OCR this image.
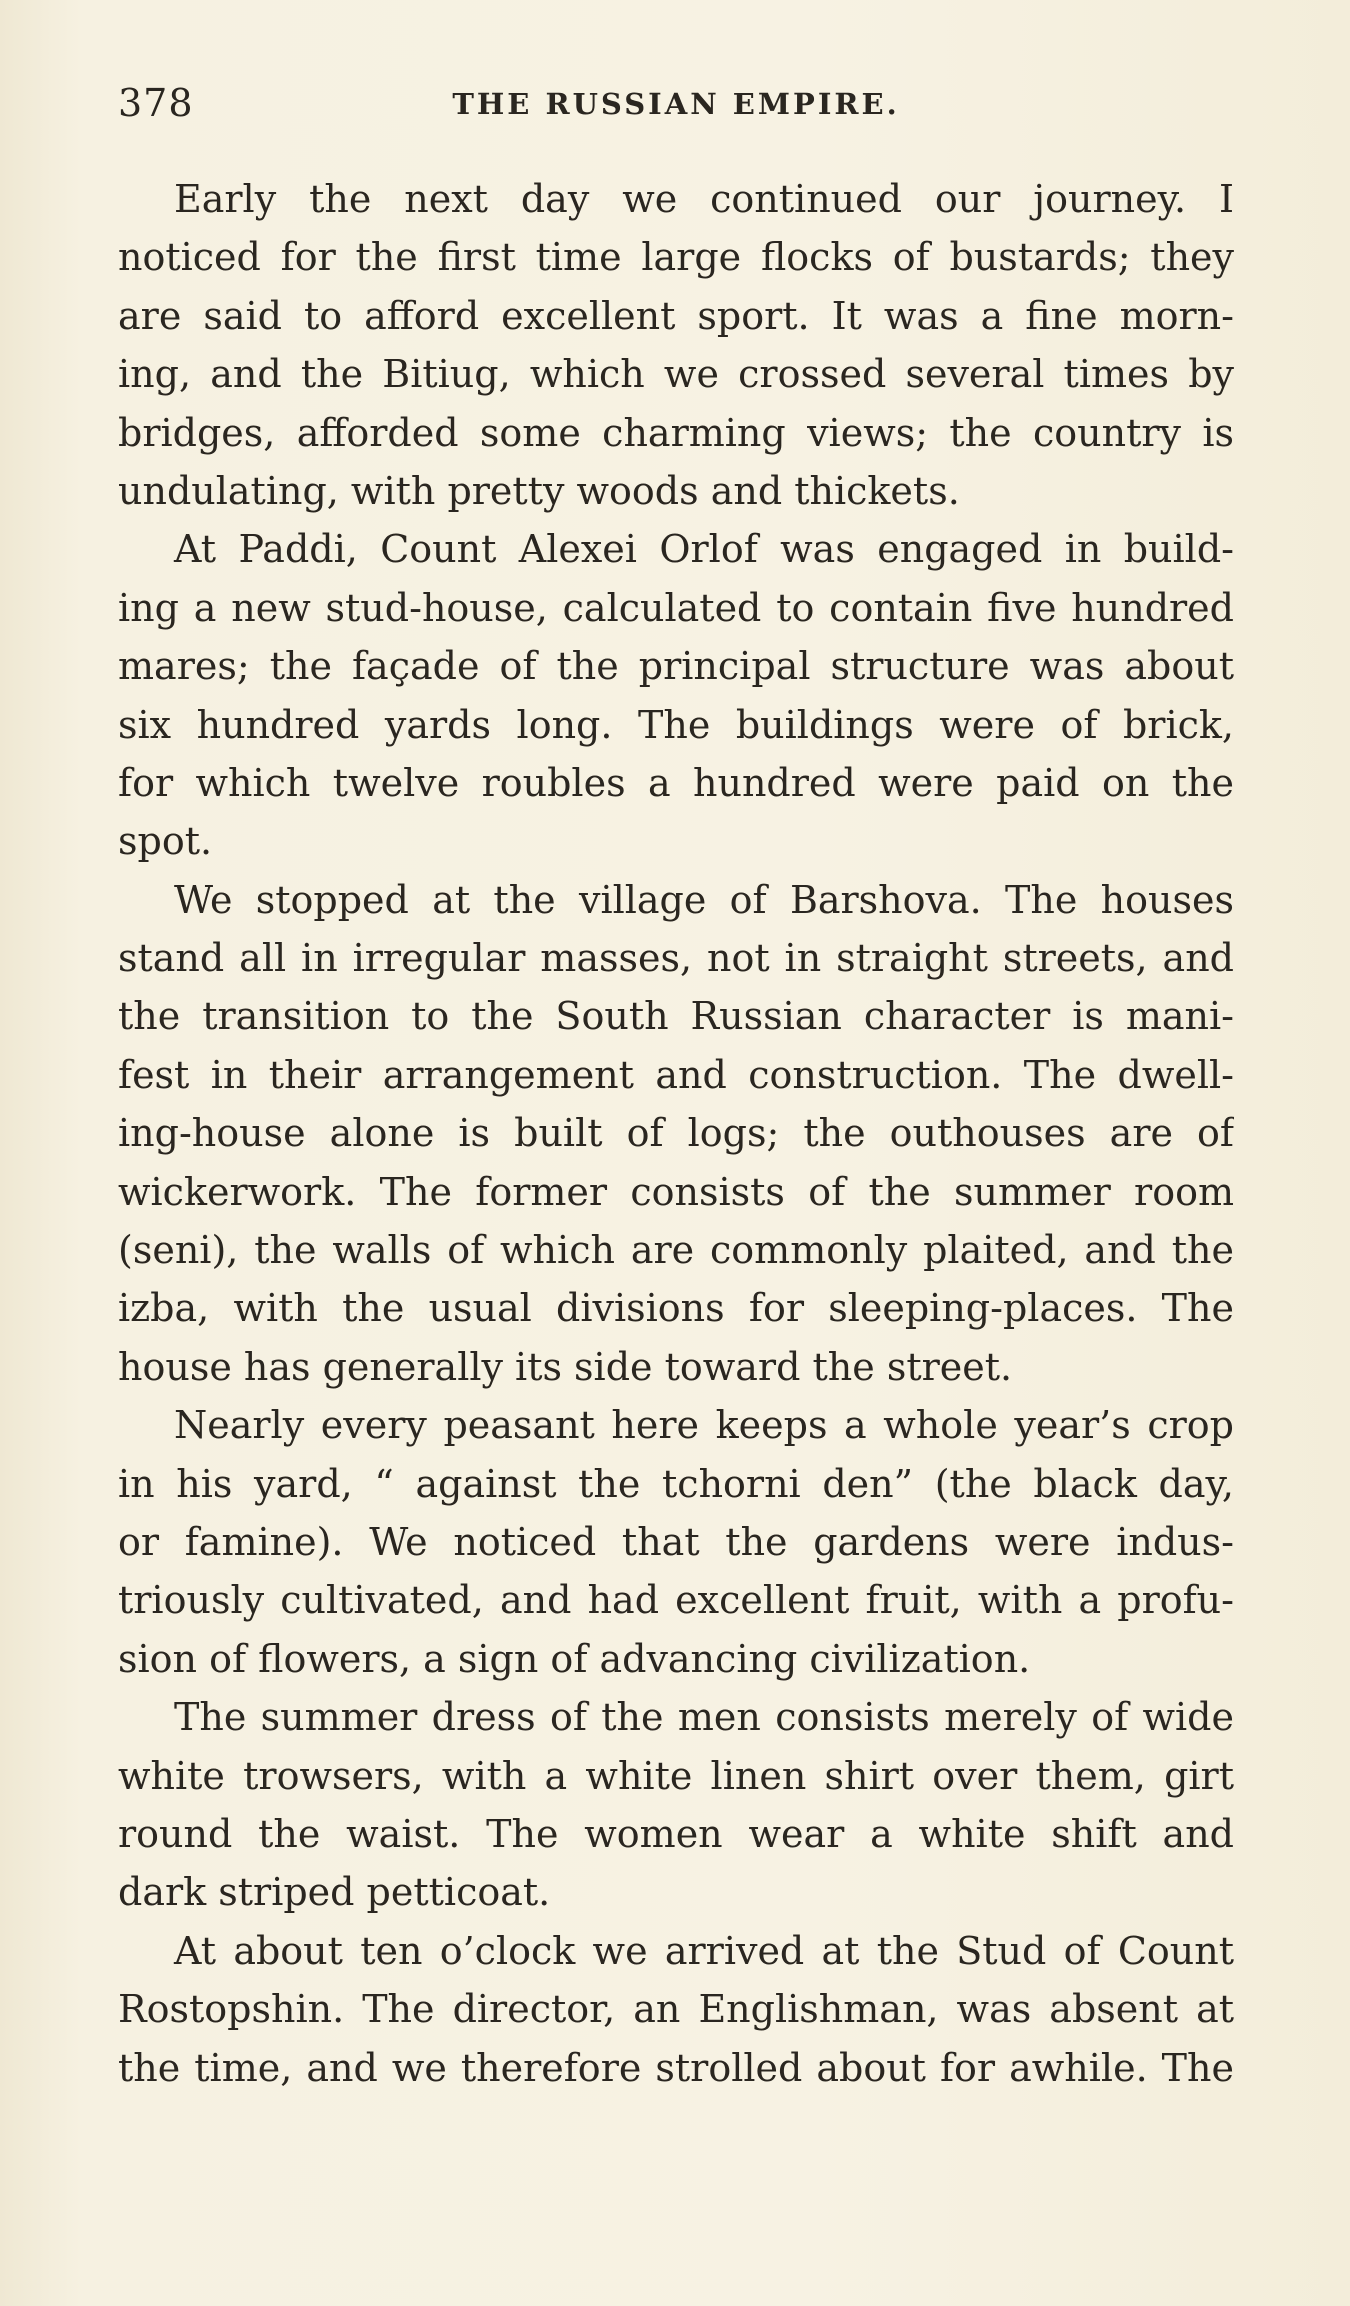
378	THE RUSSIAN EMPIRE.
Early the next day we continued our journey. I
noticed for the first time large flocks of bustards; they
are said to afford excellent sport. It was a fine morn-
ing, and the Bitiug, which we crossed several times by
bridges, afforded some charming views; the country is
undulating, with pretty woods and thickets.
At Paddi, Count Alexei Orlof was engaged in build-
ing a new stud-house, calculated to contain five hundred
mares; the façade of the principal structure was about
six hundred yards long. The buildings were of brick,
for which twelve roubles a hundred were paid on the
spot.
We stopped at the village of Barshova. The houses
stand all in irregular masses, not in straight streets, and
the transition to the South Russian character is mani-
fest in their arrangement and construction. The dwell-
ing-house alone is built of logs; the outhouses are of
wickerwork. The former consists of the summer room
(seni), the walls of which are commonly plaited, and the
izba, with the usual divisions for sleeping-places. The
house has generally its side toward the street.
Nearly every peasant here keeps a whole year’s crop
in his yard, “ against the tchorni den” (the black day,
or famine). We noticed that the gardens were indus-
triously cultivated, and had excellent fruit, with a profu-
sion of flowers, a sign of advancing civilization.
The summer dress of the men consists merely of wide
white trowsers, with a white linen shirt over them, girt
round the waist. The women wear a white shift and
dark striped petticoat.
At about ten o’clock we arrived at the Stud of Count
Rostopshin. The director, an Englishman, was absent at
the time, and we therefore strolled about for awhile. The
